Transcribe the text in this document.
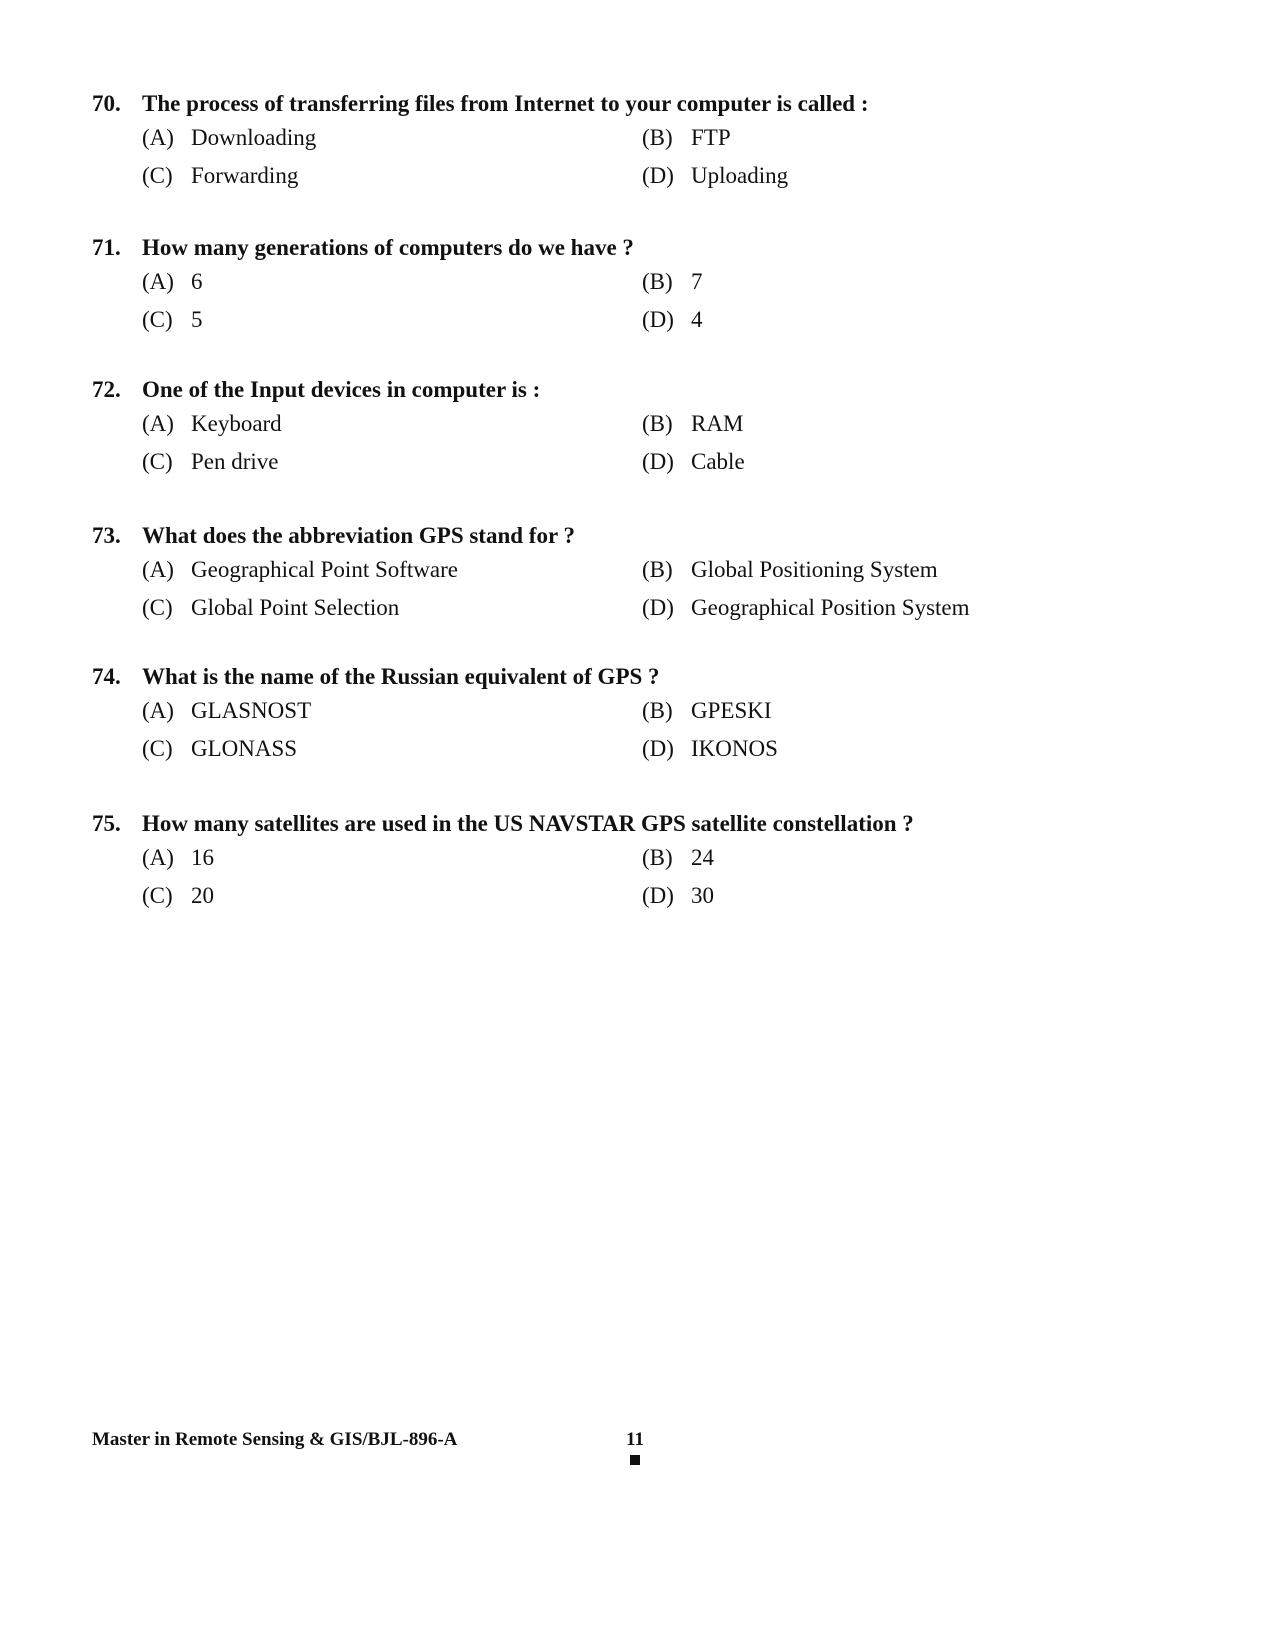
70. The process of transferring files from Internet to your computer is called :
(A) Downloading	(B) FTP
(C) Forwarding	(D) Uploading
71. How many generations of computers do we have ?
(A) 6	(B) 7
(C) 5	(D) 4
72. One of the Input devices in computer is :
(A) Keyboard	(B) RAM
(C) Pen drive	(D) Cable
73. What does the abbreviation GPS stand for ?
(A) Geographical Point Software	(B) Global Positioning System
(C) Global Point Selection	(D) Geographical Position System
74. What is the name of the Russian equivalent of GPS ?
(A) GLASNOST	(B) GPESKI
(C) GLONASS	(D) IKONOS
75. How many satellites are used in the US NAVSTAR GPS satellite constellation ?
(A) 16	(B) 24
(C) 20	(D) 30
Master in Remote Sensing & GIS/BJL-896-A	11
